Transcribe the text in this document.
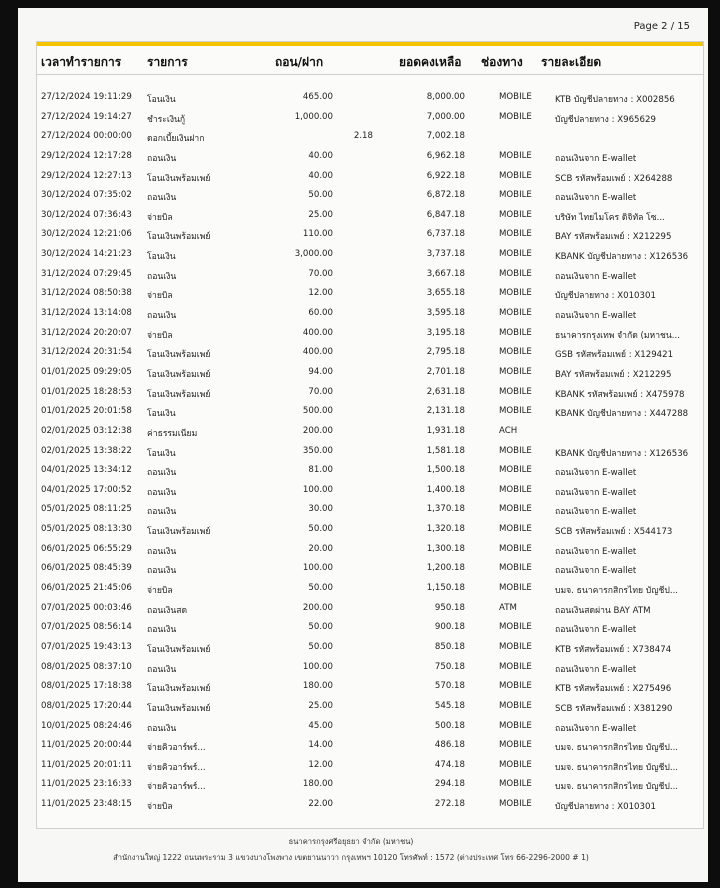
Page 2 / 15
เวลาทำรายการ รายการ	ถอน/ฝาก	ยอดคงเหลือ ช่องทาง รายละเอียด
27/12/2024 19:11:29 โอนเงิน	465.00	8,000.00	MOBILE	KTB บัญชีปลายทาง : X002856
27/12/2024 19:14:27 ชำระเงินกู้	1,000.00	7,000.00	MOBILE	บัญชีปลายทาง : X965629
27/12/2024 00:00:00 ดอกเบี้ยเงินฝาก	2.18	7,002.18
29/12/2024 12:17:28 ถอนเงิน	40.00	6,962.18	MOBILE	ถอนเงินจาก E-wallet
29/12/2024 12:27:13 โอนเงินพร้อมเพย์	40.00	6,922.18	MOBILE	SCB รหัสพร้อมเพย์ : X264288
30/12/2024 07:35:02 ถอนเงิน	50.00	6,872.18	MOBILE	ถอนเงินจาก E-wallet
30/12/2024 07:36:43 จ่ายบิล	25.00	6,847.18	MOBILE	บริษัท ไทยไมโคร ดิจิทัล โซ...
30/12/2024 12:21:06 โอนเงินพร้อมเพย์	110.00	6,737.18	MOBILE	BAY รหัสพร้อมเพย์ : X212295
30/12/2024 14:21:23 โอนเงิน	3,000.00	3,737.18	MOBILE	KBANK บัญชีปลายทาง : X126536
31/12/2024 07:29:45 ถอนเงิน	70.00	3,667.18	MOBILE	ถอนเงินจาก E-wallet
31/12/2024 08:50:38 จ่ายบิล	12.00	3,655.18	MOBILE	บัญชีปลายทาง : X010301
31/12/2024 13:14:08 ถอนเงิน	60.00	3,595.18	MOBILE	ถอนเงินจาก E-wallet
31/12/2024 20:20:07 จ่ายบิล	400.00	3,195.18	MOBILE	ธนาคารกรุงเทพ จำกัด (มหาชน...
31/12/2024 20:31:54 โอนเงินพร้อมเพย์	400.00	2,795.18	MOBILE	GSB รหัสพร้อมเพย์ : X129421
01/01/2025 09:29:05 โอนเงินพร้อมเพย์	94.00	2,701.18	MOBILE	BAY รหัสพร้อมเพย์ : X212295
01/01/2025 18:28:53 โอนเงินพร้อมเพย์	70.00	2,631.18	MOBILE	KBANK รหัสพร้อมเพย์ : X475978
01/01/2025 20:01:58 โอนเงิน	500.00	2,131.18	MOBILE	KBANK บัญชีปลายทาง : X447288
02/01/2025 03:12:38 ค่าธรรมเนียม	200.00	1,931.18	ACH
02/01/2025 13:38:22 โอนเงิน	350.00	1,581.18	MOBILE	KBANK บัญชีปลายทาง : X126536
04/01/2025 13:34:12 ถอนเงิน	81.00	1,500.18	MOBILE	ถอนเงินจาก E-wallet
04/01/2025 17:00:52 ถอนเงิน	100.00	1,400.18	MOBILE	ถอนเงินจาก E-wallet
05/01/2025 08:11:25 ถอนเงิน	30.00	1,370.18	MOBILE	ถอนเงินจาก E-wallet
05/01/2025 08:13:30 โอนเงินพร้อมเพย์	50.00	1,320.18	MOBILE	SCB รหัสพร้อมเพย์ : X544173
06/01/2025 06:55:29 ถอนเงิน	20.00	1,300.18	MOBILE	ถอนเงินจาก E-wallet
06/01/2025 08:45:39 ถอนเงิน	100.00	1,200.18	MOBILE	ถอนเงินจาก E-wallet
06/01/2025 21:45:06 จ่ายบิล	50.00	1,150.18	MOBILE	บมจ. ธนาคารกสิกรไทย บัญชีป...
07/01/2025 00:03:46 ถอนเงินสด	200.00	950.18	ATM	ถอนเงินสดผ่าน BAY ATM
07/01/2025 08:56:14 ถอนเงิน	50.00	900.18	MOBILE	ถอนเงินจาก E-wallet
07/01/2025 19:43:13 โอนเงินพร้อมเพย์	50.00	850.18	MOBILE	KTB รหัสพร้อมเพย์ : X738474
08/01/2025 08:37:10 ถอนเงิน	100.00	750.18	MOBILE	ถอนเงินจาก E-wallet
08/01/2025 17:18:38 โอนเงินพร้อมเพย์	180.00	570.18	MOBILE	KTB รหัสพร้อมเพย์ : X275496
08/01/2025 17:20:44 โอนเงินพร้อมเพย์	25.00	545.18	MOBILE	SCB รหัสพร้อมเพย์ : X381290
10/01/2025 08:24:46 ถอนเงิน	45.00	500.18	MOBILE	ถอนเงินจาก E-wallet
11/01/2025 20:00:44 จ่ายคิวอาร์พร์...	14.00	486.18	MOBILE	บมจ. ธนาคารกสิกรไทย บัญชีป...
11/01/2025 20:01:11 จ่ายคิวอาร์พร์...	12.00	474.18	MOBILE	บมจ. ธนาคารกสิกรไทย บัญชีป...
11/01/2025 23:16:33 จ่ายคิวอาร์พร์...	180.00	294.18	MOBILE	บมจ. ธนาคารกสิกรไทย บัญชีป...
11/01/2025 23:48:15 จ่ายบิล	22.00	272.18	MOBILE	บัญชีปลายทาง : X010301
ธนาคารกรุงศรีอยุธยา จำกัด (มหาชน)
สำนักงานใหญ่ 1222 ถนนพระราม 3 แขวงบางโพงพาง เขตยานนาวา กรุงเทพฯ 10120 โทรศัพท์ : 1572 (ต่างประเทศ โทร 66-2296-2000 # 1)
